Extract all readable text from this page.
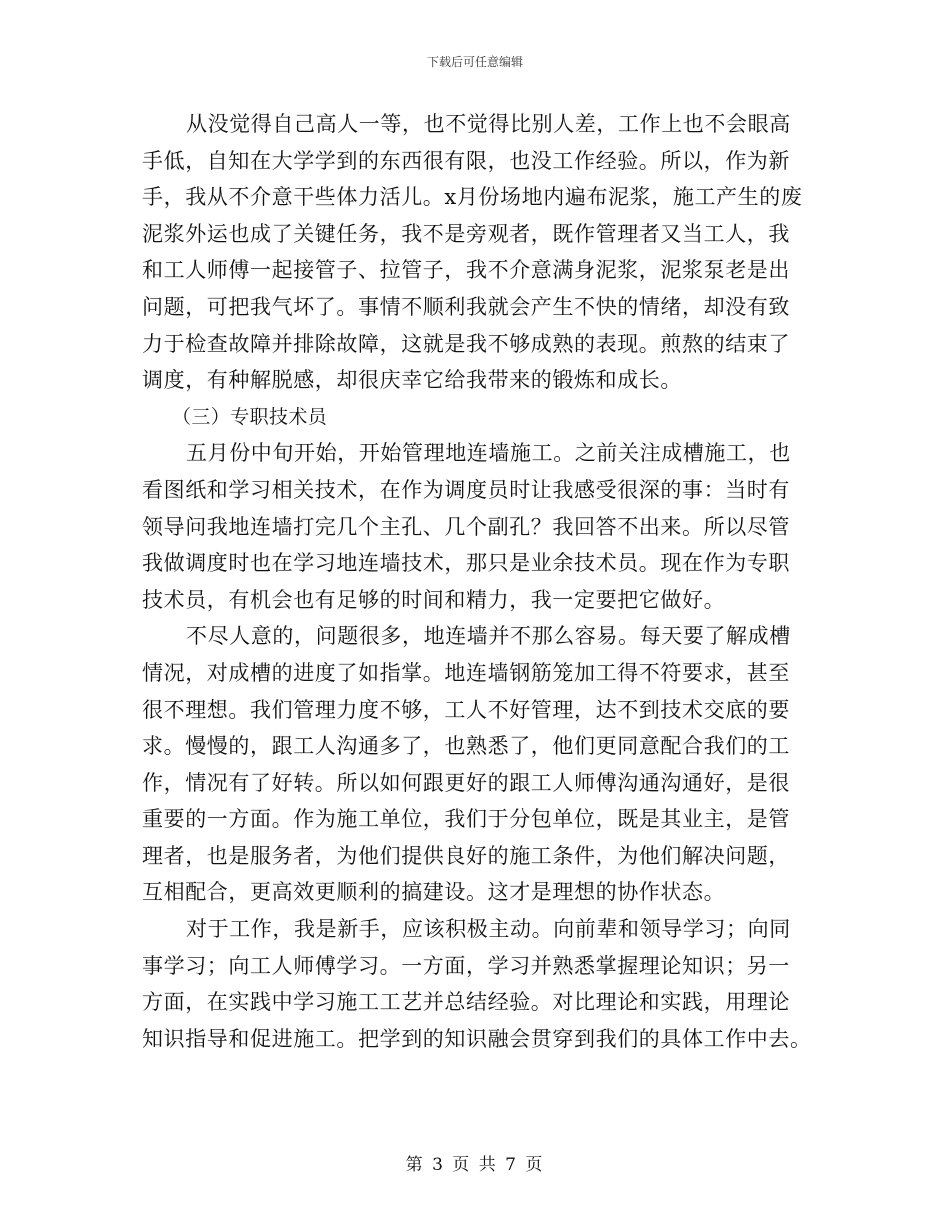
下载后可任意编辑

从没觉得自己高人一等，也不觉得比别人差，工作上也不会眼高
手低，自知在大学学到的东西很有限，也没工作经验。所以，作为新
手，我从不介意干些体力活儿。x月份场地内遍布泥浆，施工产生的废
泥浆外运也成了关键任务，我不是旁观者，既作管理者又当工人，我
和工人师傅一起接管子、拉管子，我不介意满身泥浆，泥浆泵老是出
问题，可把我气坏了。事情不顺利我就会产生不快的情绪，却没有致
力于检查故障并排除故障，这就是我不够成熟的表现。煎熬的结束了
调度，有种解脱感，却很庆幸它给我带来的锻炼和成长。

（三）专职技术员

五月份中旬开始，开始管理地连墙施工。之前关注成槽施工，也
看图纸和学习相关技术，在作为调度员时让我感受很深的事：当时有
领导问我地连墙打完几个主孔、几个副孔？我回答不出来。所以尽管
我做调度时也在学习地连墙技术，那只是业余技术员。现在作为专职
技术员，有机会也有足够的时间和精力，我一定要把它做好。

不尽人意的，问题很多，地连墙并不那么容易。每天要了解成槽
情况，对成槽的进度了如指掌。地连墙钢筋笼加工得不符要求，甚至
很不理想。我们管理力度不够，工人不好管理，达不到技术交底的要
求。慢慢的，跟工人沟通多了，也熟悉了，他们更同意配合我们的工
作，情况有了好转。所以如何跟更好的跟工人师傅沟通沟通好，是很
重要的一方面。作为施工单位，我们于分包单位，既是其业主，是管
理者，也是服务者，为他们提供良好的施工条件，为他们解决问题，
互相配合，更高效更顺利的搞建设。这才是理想的协作状态。

对于工作，我是新手，应该积极主动。向前辈和领导学习；向同
事学习；向工人师傅学习。一方面，学习并熟悉掌握理论知识；另一
方面，在实践中学习施工工艺并总结经验。对比理论和实践，用理论
知识指导和促进施工。把学到的知识融会贯穿到我们的具体工作中去。

第 3 页 共 7 页
